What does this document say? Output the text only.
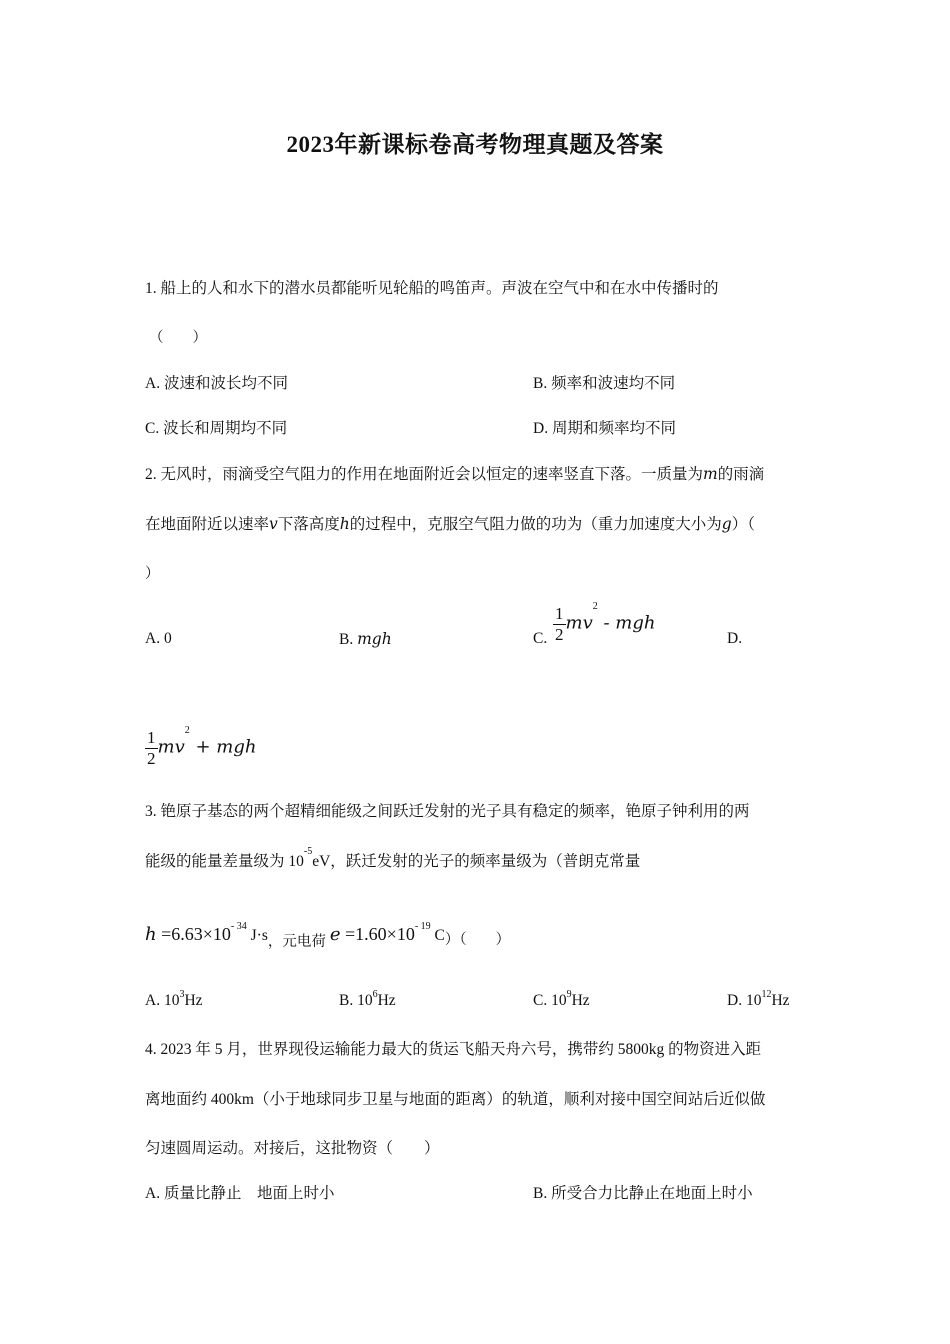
2023年新课标卷高考物理真题及答案
1. 船上的人和水下的潜水员都能听见轮船的鸣笛声。声波在空气中和在水中传播时的
（　　）
A. 波速和波长均不同	B. 频率和波速均不同
C. 波长和周期均不同	D. 周期和频率均不同
2. 无风时，雨滴受空气阻力的作用在地面附近会以恒定的速率竖直下落。一质量为m的雨滴
在地面附近以速率v下落高度h的过程中，克服空气阻力做的功为（重力加速度大小为g）（
）
A. 0	B. mgh	C. $\frac{1}{2} mv^2$ - mgh
D.
$\frac{1}{2} mv^2$ + mgh
3. 铯原子基态的两个超精细能级之间跃迁发射的光子具有稳定的频率，铯原子钟利用的两
能级的能量差量级为 $10^{-5}eV$，跃迁发射的光子的频率量级为（普朗克常量
$h =6.63\times 10^{- 34}$ J·s，元电荷 $e =1.60\times 10^{- 19}$ C）（　　）
A. $10^3Hz$	B. $10^6Hz$	C. $10^9Hz$	D. $10^{12}Hz$
4. 2023 年 5 月，世界现役运输能力最大的货运飞船天舟六号，携带约 5800kg 的物资进入距
离地面约 400km（小于地球同步卫星与地面的距离）的轨道，顺利对接中国空间站后近似做
匀速圆周运动。对接后，这批物资（　　）
A. 质量比静止　地面上时小	B. 所受合力比静止在地面上时小
